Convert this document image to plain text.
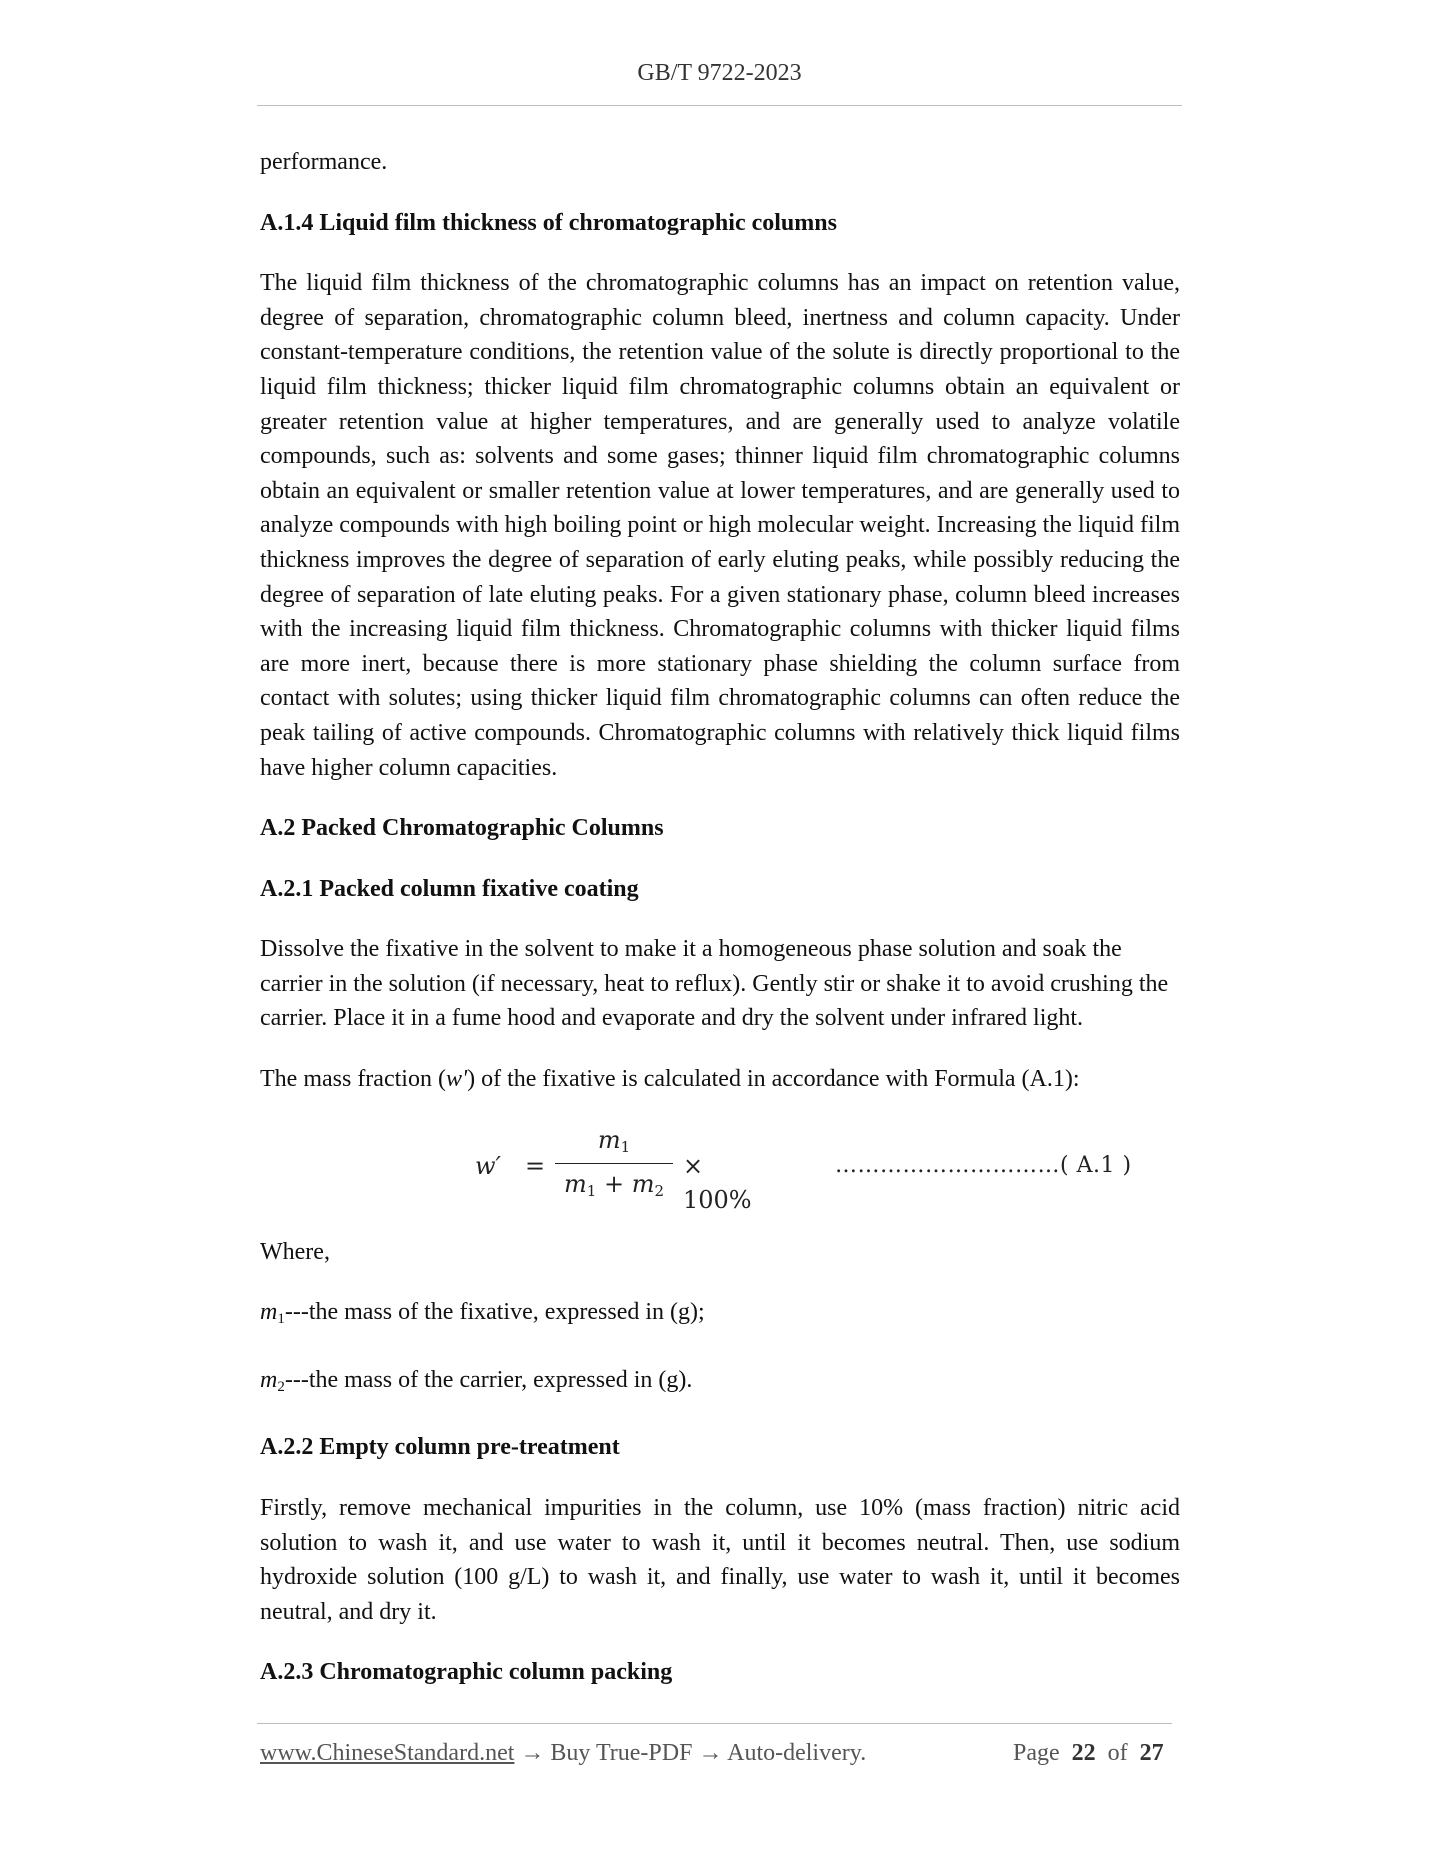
GB/T 9722-2023

performance.

A.1.4 Liquid film thickness of chromatographic columns

The liquid film thickness of the chromatographic columns has an impact on retention value, degree of separation, chromatographic column bleed, inertness and column capacity. Under constant-temperature conditions, the retention value of the solute is directly proportional to the liquid film thickness; thicker liquid film chromatographic columns obtain an equivalent or greater retention value at higher temperatures, and are generally used to analyze volatile compounds, such as: solvents and some gases; thinner liquid film chromatographic columns obtain an equivalent or smaller retention value at lower temperatures, and are generally used to analyze compounds with high boiling point or high molecular weight. Increasing the liquid film thickness improves the degree of separation of early eluting peaks, while possibly reducing the degree of separation of late eluting peaks. For a given stationary phase, column bleed increases with the increasing liquid film thickness. Chromatographic columns with thicker liquid films are more inert, because there is more stationary phase shielding the column surface from contact with solutes; using thicker liquid film chromatographic columns can often reduce the peak tailing of active compounds. Chromatographic columns with relatively thick liquid films have higher column capacities.

A.2 Packed Chromatographic Columns
A.2.1 Packed column fixative coating

Dissolve the fixative in the solvent to make it a homogeneous phase solution and soak the carrier in the solution (if necessary, heat to reflux). Gently stir or shake it to avoid crushing the carrier. Place it in a fume hood and evaporate and dry the solvent under infrared light.

The mass fraction (w') of the fixative is calculated in accordance with Formula (A.1):

w′ =
$m_1$
$m_1 + m_2$
× 100%
…………………………( A.1 )

Where,

$m_1--$-the mass of the fixative, expressed in (g);

$m_2--$-the mass of the carrier, expressed in (g).

A.2.2 Empty column pre-treatment

Firstly, remove mechanical impurities in the column, use 10% (mass fraction) nitric acid solution to wash it, and use water to wash it, until it becomes neutral. Then, use sodium hydroxide solution (100 g/L) to wash it, and finally, use water to wash it, until it becomes neutral, and dry it.

A.2.3 Chromatographic column packing
www.ChineseStandard.net → Buy True-PDF → Auto-delivery.	Page 22 of 27
